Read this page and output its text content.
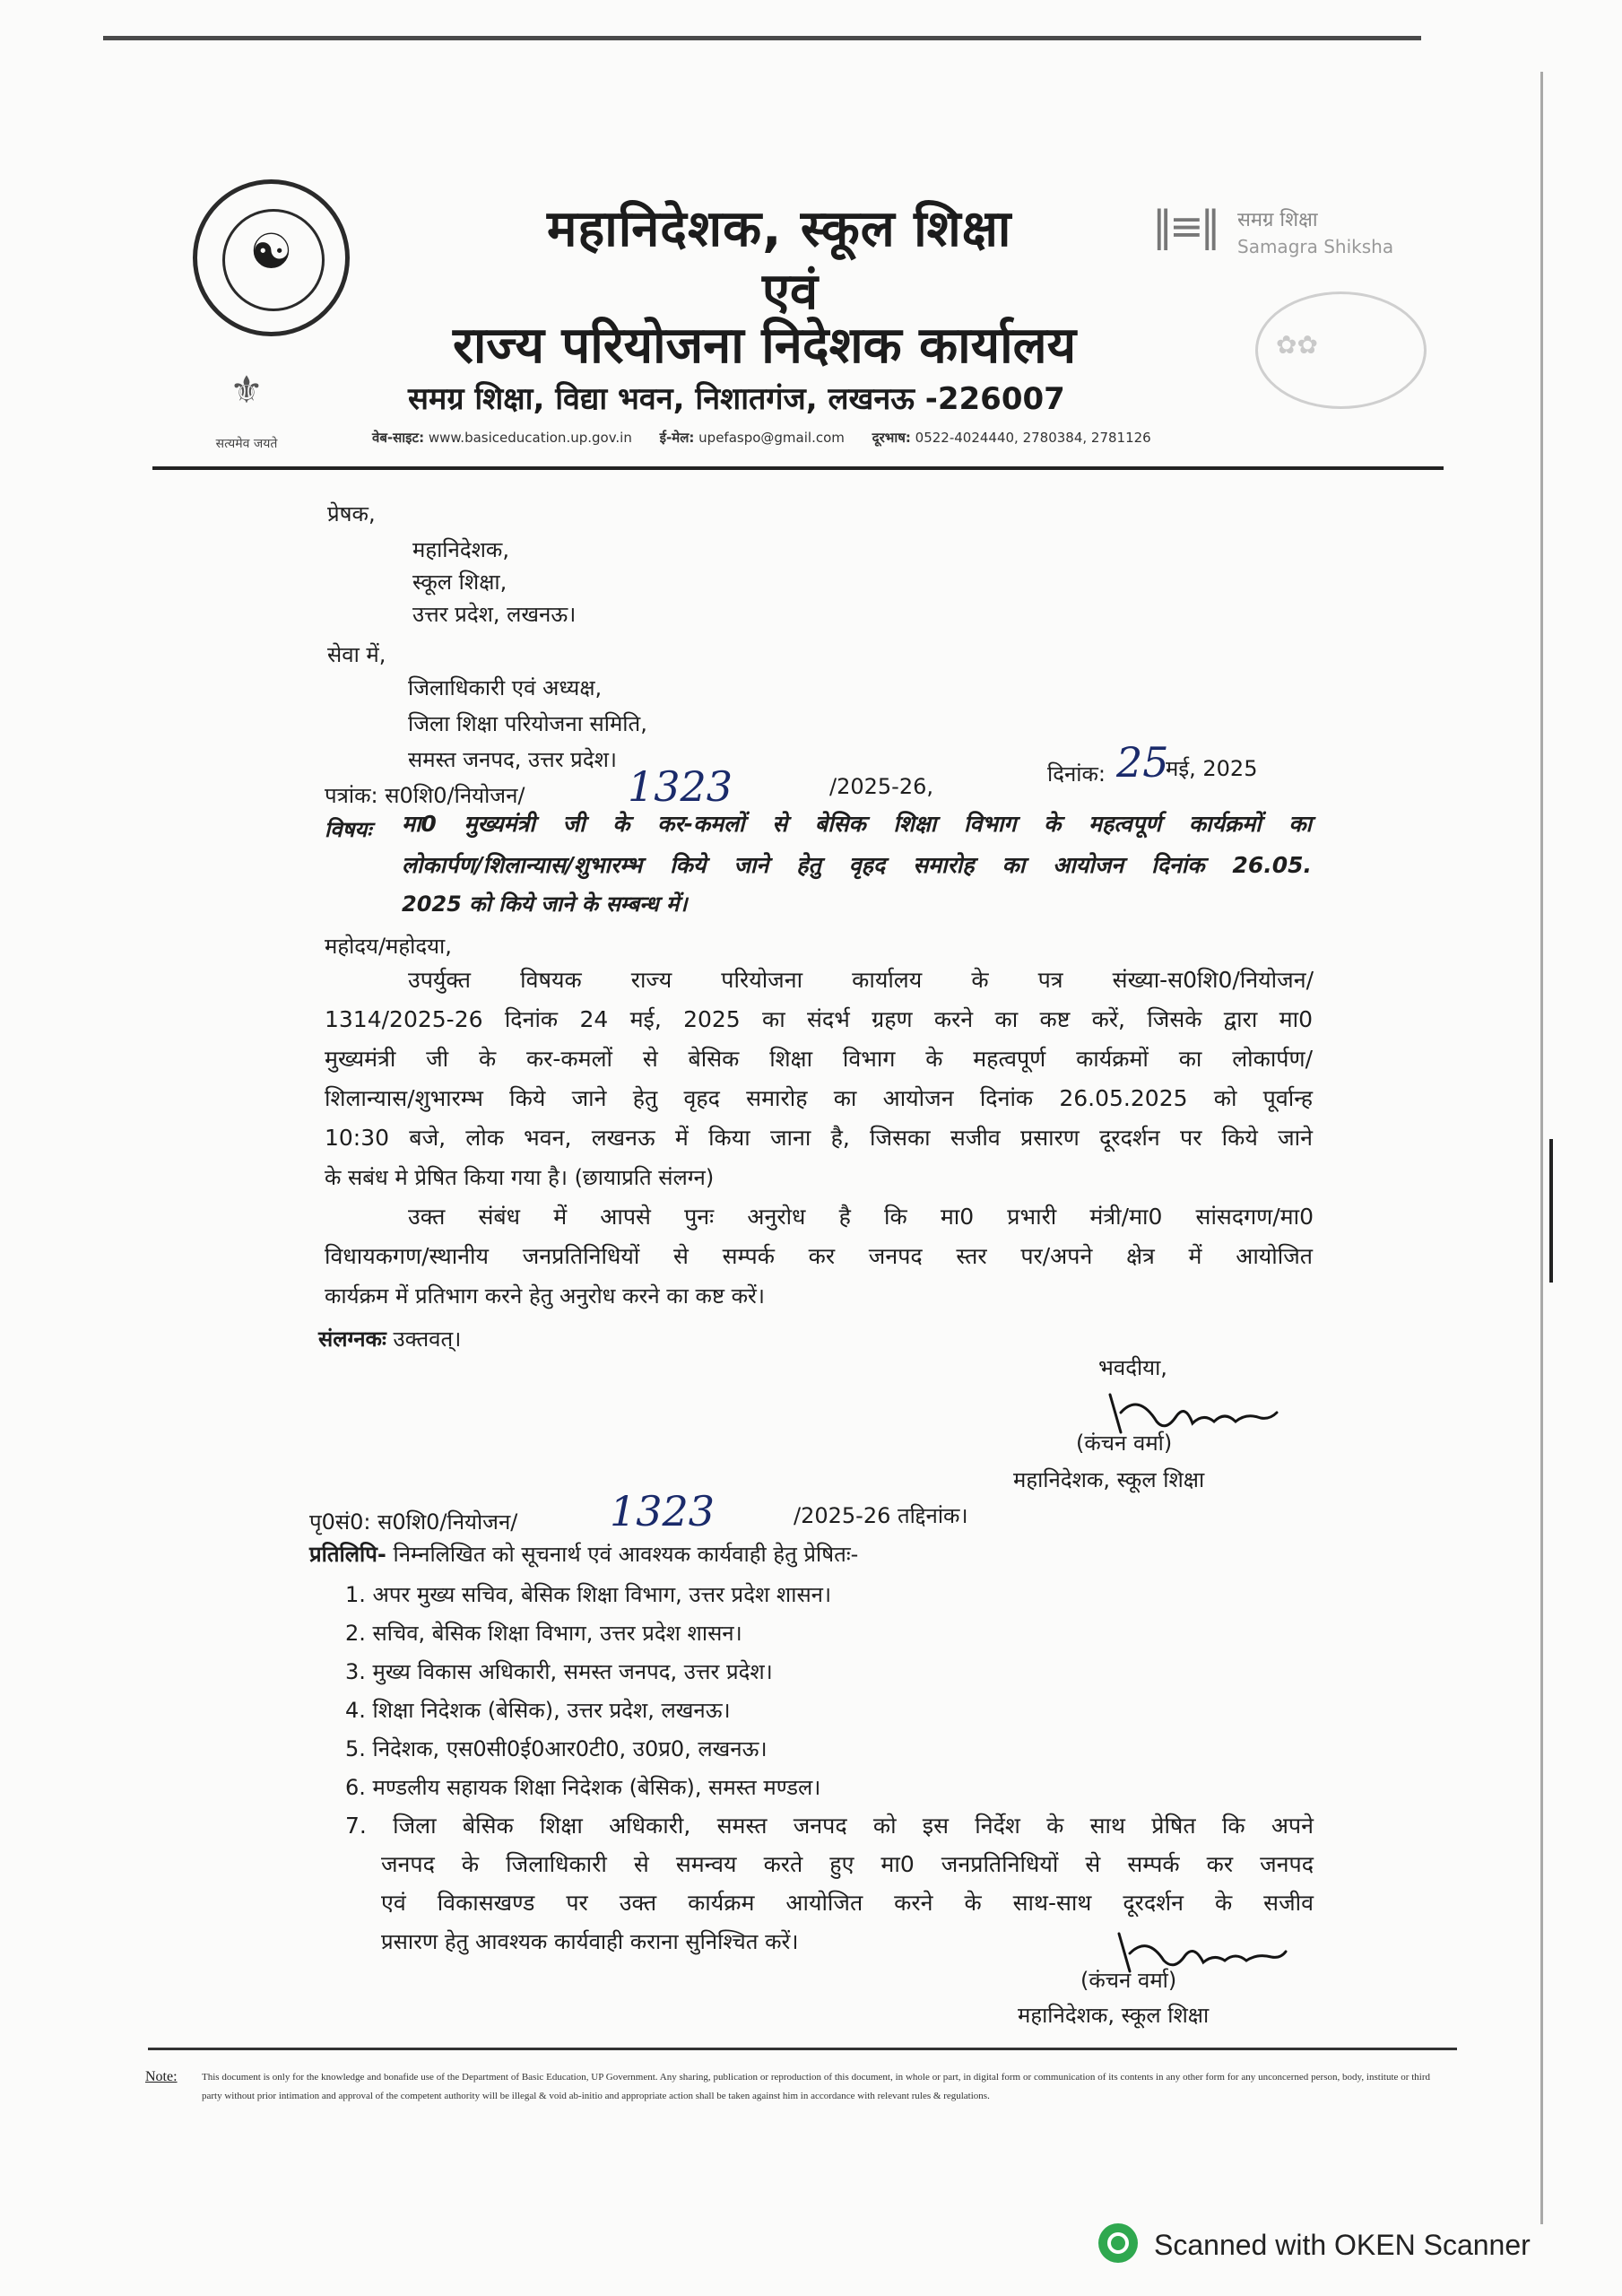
☯
⚜
सत्यमेव जयते
‖≡‖ समग्र शिक्षा
Samagra Shiksha
✿✿
महानिदेशक, स्कूल शिक्षा
एवं
राज्य परियोजना निदेशक कार्यालय
समग्र शिक्षा, विद्या भवन, निशातगंज, लखनऊ -226007
वेब-साइट: www.basiceducation.up.gov.in ई-मेल: upefaspo@gmail.com दूरभाष: 0522-4024440, 2780384, 2781126
प्रेषक,
महानिदेशक,
स्कूल शिक्षा,
उत्तर प्रदेश, लखनऊ।
सेवा में,
जिलाधिकारी एवं अध्यक्ष,
जिला शिक्षा परियोजना समिति,
समस्त जनपद, उत्तर प्रदेश।
पत्रांक: स0शि0/नियोजन/ 1323	/2025-26,	दिनांक: 25
मई, 2025
विषयः मा0 मुख्यमंत्री जी के कर-कमलों से बेसिक शिक्षा विभाग के महत्वपूर्ण कार्यक्रमों का
लोकार्पण/शिलान्यास/शुभारम्भ किये जाने हेतु वृहद समारोह का आयोजन दिनांक 26.05.
2025 को किये जाने के सम्बन्ध में।
महोदय/महोदया,
उपर्युक्त विषयक राज्य परियोजना कार्यालय के पत्र संख्या-स0शि0/नियोजन/
1314/2025-26 दिनांक 24 मई, 2025 का संदर्भ ग्रहण करने का कष्ट करें, जिसके द्वारा मा0
मुख्यमंत्री जी के कर-कमलों से बेसिक शिक्षा विभाग के महत्वपूर्ण कार्यक्रमों का लोकार्पण/
शिलान्यास/शुभारम्भ किये जाने हेतु वृहद समारोह का आयोजन दिनांक 26.05.2025 को पूर्वान्ह
10:30 बजे, लोक भवन, लखनऊ में किया जाना है, जिसका सजीव प्रसारण दूरदर्शन पर किये जाने
के सबंध मे प्रेषित किया गया है। (छायाप्रति संलग्न)
उक्त संबंध में आपसे पुनः अनुरोध है कि मा0 प्रभारी मंत्री/मा0 सांसदगण/मा0
विधायकगण/स्थानीय जनप्रतिनिधियों से सम्पर्क कर जनपद स्तर पर/अपने क्षेत्र में आयोजित
कार्यक्रम में प्रतिभाग करने हेतु अनुरोध करने का कष्ट करें।
संलग्नकः उक्तवत्।
भवदीया,
(कंचन वर्मा)
महानिदेशक, स्कूल शिक्षा
पृ0सं0: स0शि0/नियोजन/ 1323	/2025-26 तद्दिनांक।
प्रतिलिपि- निम्नलिखित को सूचनार्थ एवं आवश्यक कार्यवाही हेतु प्रेषितः-
1. अपर मुख्य सचिव, बेसिक शिक्षा विभाग, उत्तर प्रदेश शासन।
2. सचिव, बेसिक शिक्षा विभाग, उत्तर प्रदेश शासन।
3. मुख्य विकास अधिकारी, समस्त जनपद, उत्तर प्रदेश।
4. शिक्षा निदेशक (बेसिक), उत्तर प्रदेश, लखनऊ।
5. निदेशक, एस0सी0ई0आर0टी0, उ0प्र0, लखनऊ।
6. मण्डलीय सहायक शिक्षा निदेशक (बेसिक), समस्त मण्डल।
7. जिला बेसिक शिक्षा अधिकारी, समस्त जनपद को इस निर्देश के साथ प्रेषित कि अपने
जनपद के जिलाधिकारी से समन्वय करते हुए मा0 जनप्रतिनिधियों से सम्पर्क कर जनपद
एवं विकासखण्ड पर उक्त कार्यक्रम आयोजित करने के साथ-साथ दूरदर्शन के सजीव
प्रसारण हेतु आवश्यक कार्यवाही कराना सुनिश्चित करें।
(कंचन वर्मा)
महानिदेशक, स्कूल शिक्षा
Note: This document is only for the knowledge and bonafide use of the Department of Basic Education, UP Government. Any sharing, publication or reproduction of this document, in whole or part, in digital form or communication of its contents in any other form for any unconcerned person, body, institute or third party without prior intimation and approval of the competent authority will be illegal & void ab-initio and appropriate action shall be taken against him in accordance with relevant rules & regulations.
Scanned with OKEN Scanner
